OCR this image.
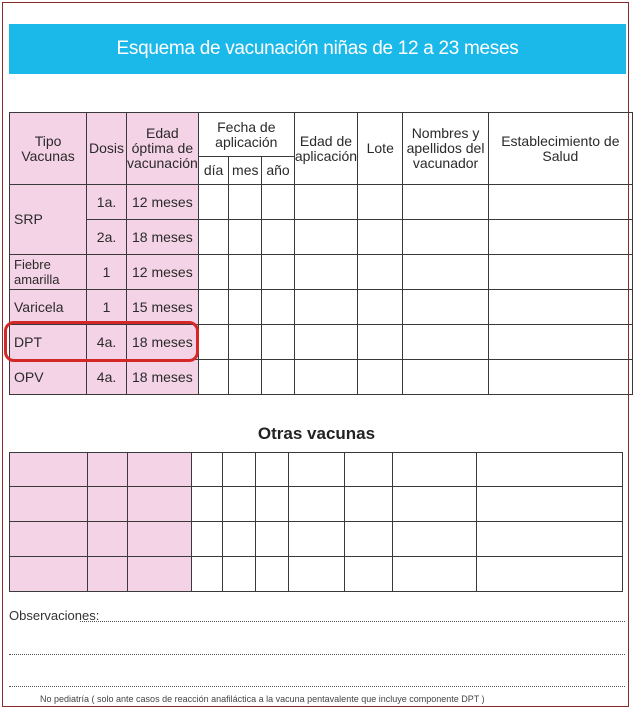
Esquema de vacunación niñas de 12 a 23 meses
Tipo Vacunas	Dosis	Edad óptima de vacunación	Fecha de aplicación			Edad de aplicación	Lote	Nombres y apellidos del vacunador	Establecimiento de Salud
			día	mes	año				
SRP	1a.	12 meses							
	2a.	18 meses							
Fiebre amarilla	1	12 meses							
Varicela	1	15 meses							
DPT	4a.	18 meses							
OPV	4a.	18 meses							
Otras vacunas

Observaciones:
No pediatría ( solo ante casos de reacción anafiláctica a la vacuna pentavalente que incluye componente DPT )
